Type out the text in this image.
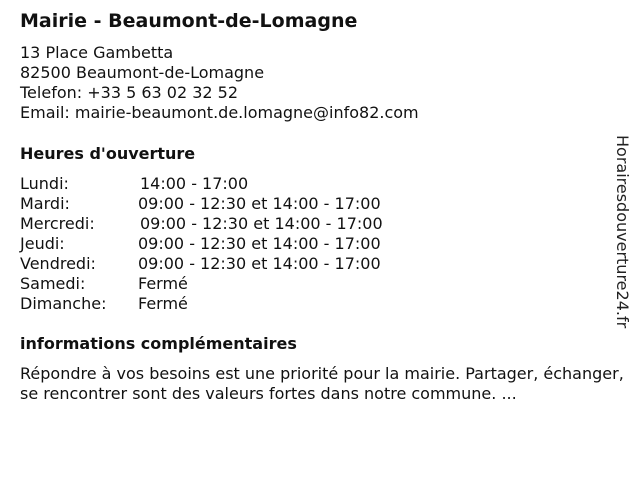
Mairie - Beaumont-de-Lomagne
13 Place Gambetta
82500 Beaumont-de-Lomagne
Telefon: +33 5 63 02 32 52
Email: mairie-beaumont.de.lomagne@info82.com
Heures d'ouverture
Lundi:	14:00 - 17:00
Mardi:	09:00 - 12:30 et 14:00 - 17:00
Mercredi:	09:00 - 12:30 et 14:00 - 17:00
Jeudi:	09:00 - 12:30 et 14:00 - 17:00
Vendredi:	09:00 - 12:30 et 14:00 - 17:00
Samedi:	Fermé
Dimanche: Fermé
informations complémentaires
Répondre à vos besoins est une priorité pour la mairie. Partager, échanger, se rencontrer sont des valeurs fortes dans notre commune. ...
Horairesdouverture24.fr
